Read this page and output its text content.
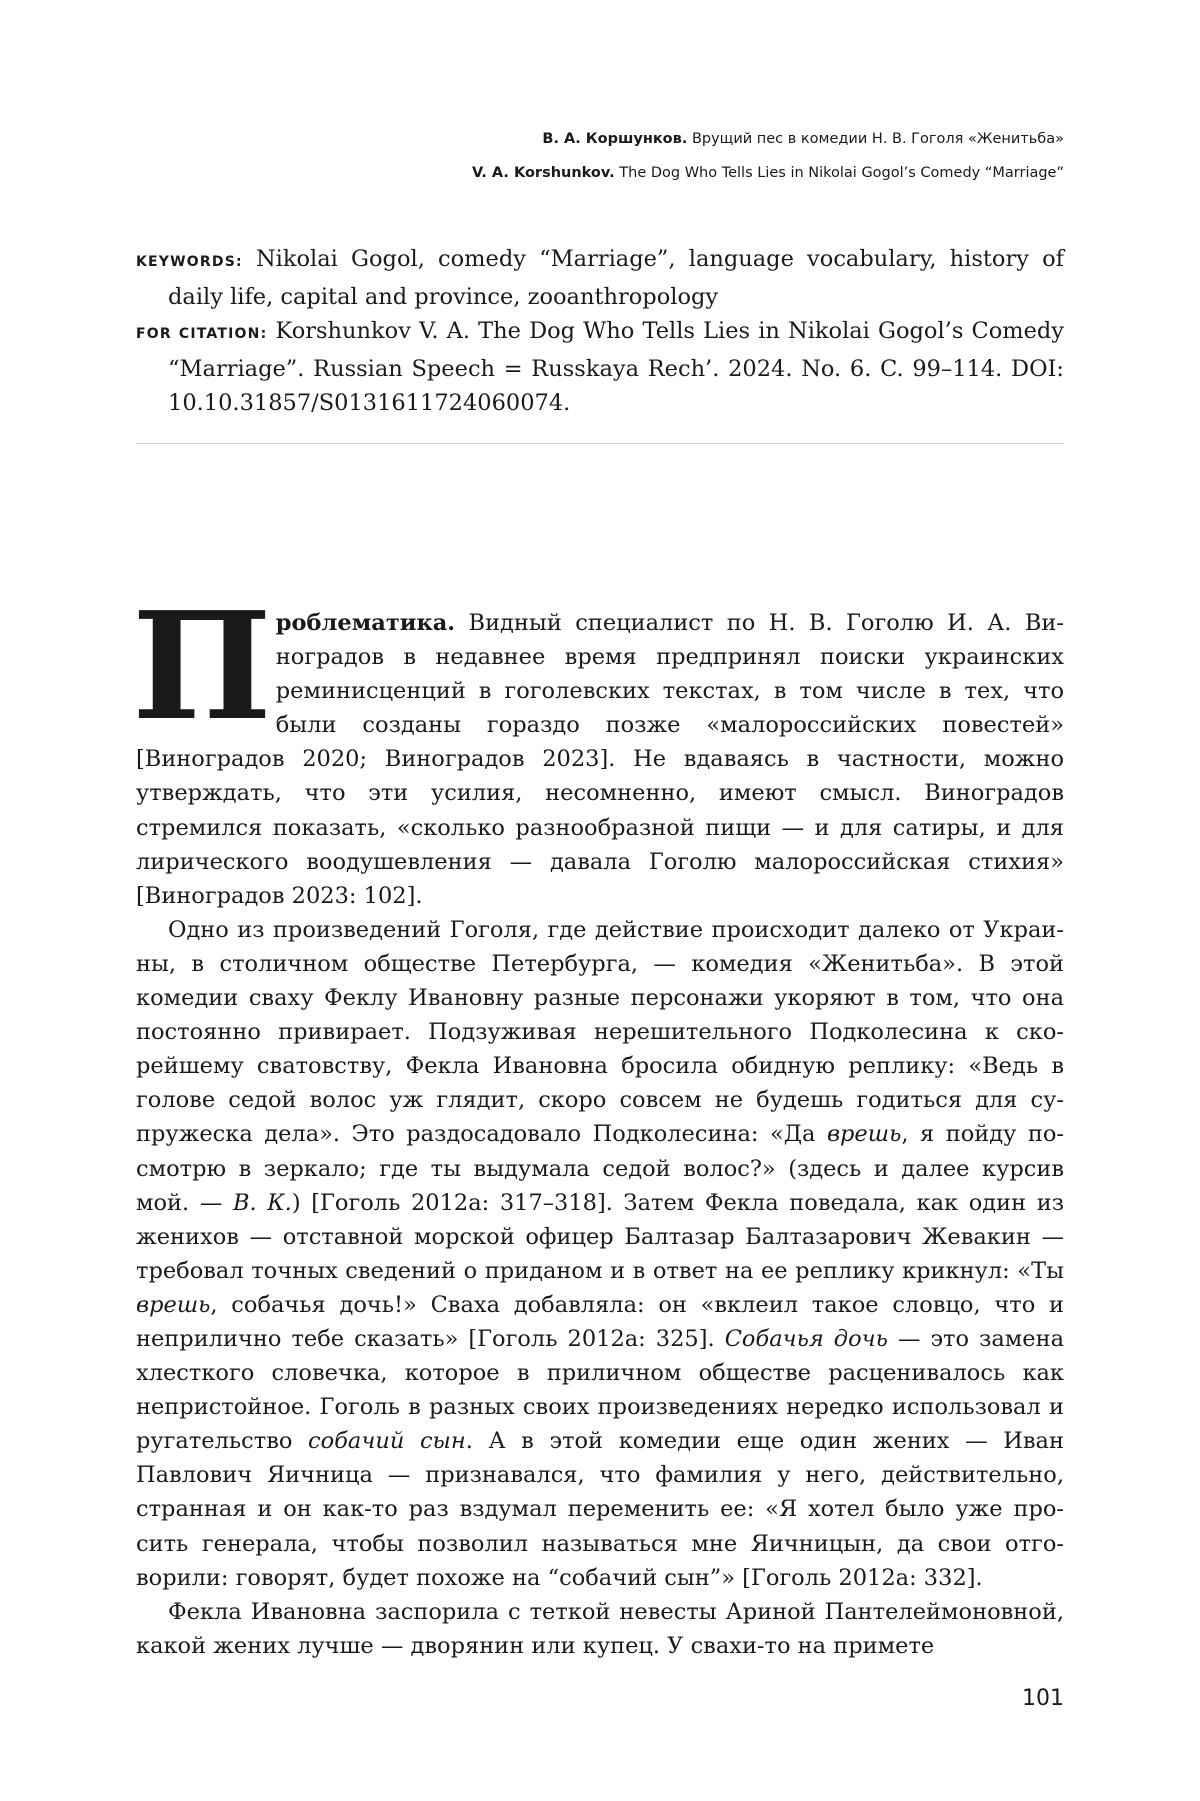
В. А. Коршунков. Врущий пес в комедии Н. В. Гоголя «Женитьба»
V. A. Korshunkov. The Dog Who Tells Lies in Nikolai Gogol’s Comedy “Marriage”

KEYWORDS: Nikolai Gogol, comedy “Marriage”, language vocabulary, history of daily life, capital and province, zooanthropology

FOR CITATION: Korshunkov V. A. The Dog Who Tells Lies in Nikolai Gogol’s Comedy “Marriage”. Russian Speech = Russkaya Rech’. 2024. No. 6. C. 99–114. DOI: 10.10.31857/S0131611724060074.

Проблематика. Видный специалист по Н. В. Гоголю И. А. Виноградов в недавнее время предпринял поиски украинских реминисценций в гоголевских текстах, в том числе в тех, что были созданы гораздо позже «малороссийских повестей» [Виноградов 2020; Виноградов 2023]. Не вдаваясь в частности, можно утверждать, что эти усилия, несомненно, имеют смысл. Виноградов стремился показать, «сколько разнообразной пищи — и для сатиры, и для лирического воодушевления — давала Гоголю малороссийская стихия» [Виноградов 2023: 102].

Одно из произведений Гоголя, где действие происходит далеко от Украины, в столичном обществе Петербурга, — комедия «Женитьба». В этой комедии сваху Феклу Ивановну разные персонажи укоряют в том, что она постоянно привирает. Подзуживая нерешительного Подколесина к скорейшему сватовству, Фекла Ивановна бросила обидную реплику: «Ведь в голове седой волос уж глядит, скоро совсем не будешь годиться для супружеска дела». Это раздосадовало Подколесина: «Да врешь, я пойду посмотрю в зеркало; где ты выдумала седой волос?» (здесь и далее курсив мой. — В. К.) [Гоголь 2012а: 317–318]. Затем Фекла поведала, как один из женихов — отставной морской офицер Балтазар Балтазарович Жевакин — требовал точных сведений о приданом и в ответ на ее реплику крикнул: «Ты врешь, собачья дочь!» Сваха добавляла: он «вклеил такое словцо, что и неприлично тебе сказать» [Гоголь 2012а: 325]. Собачья дочь — это замена хлесткого словечка, которое в приличном обществе расценивалось как непристойное. Гоголь в разных своих произведениях нередко использовал и ругательство собачий сын. А в этой комедии еще один жених — Иван Павлович Яичница — признавался, что фамилия у него, действительно, странная и он как-то раз вздумал переменить ее: «Я хотел было уже просить генерала, чтобы позволил называться мне Яичницын, да свои отговорили: говорят, будет похоже на “собачий сын”» [Гоголь 2012а: 332].

Фекла Ивановна заспорила с теткой невесты Ариной Пантелеймоновной, какой жених лучше — дворянин или купец. У свахи-то на примете

101
